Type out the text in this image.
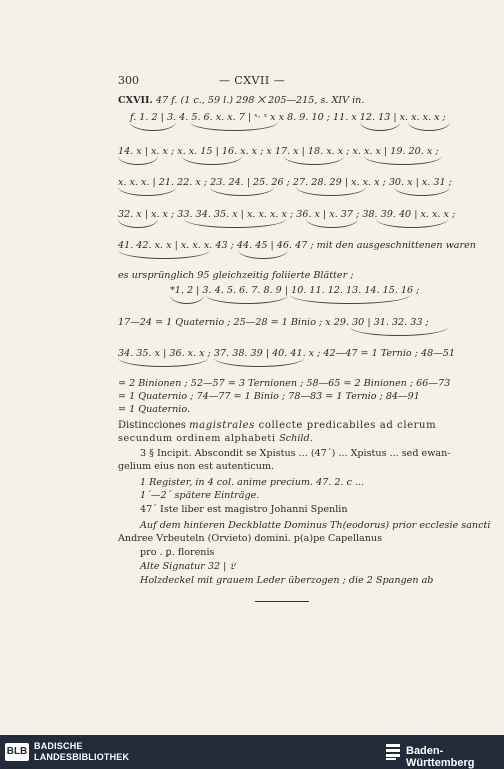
300	— CXVII —
CXVII. 47 f. (1 c., 59 l.) 298 ⨉ 205—215, s. XIV in.
f. 1. 2 | 3. 4. 5. 6. x. x. 7 | ˣ· ˣ x x 8. 9. 10 ; 11. x 12. 13 | x. x. x. x ;
14. x | x. x ; x. x. 15 | 16. x. x ; x 17. x | 18. x. x ; x. x. x | 19. 20. x ;
x. x. x. | 21. 22. x ; 23. 24. | 25. 26 ; 27. 28. 29 | x. x. x ; 30. x | x. 31 ;
32. x | x. x ; 33. 34. 35. x | x. x. x. x ; 36. x | x. 37 ; 38. 39. 40 | x. x. x ;
41. 42. x. x | x. x. x. 43 ; 44. 45 | 46. 47 ; mit den ausgeschnittenen waren
es ursprünglich 95 gleichzeitig foliierte Blätter ;
*1. 2 | 3. 4. 5. 6. 7. 8. 9 | 10. 11. 12. 13. 14. 15. 16 ;
17—24 = 1 Quaternio ; 25—28 = 1 Binio ; x 29. 30 | 31. 32. 33 ;
34. 35. x | 36. x. x ; 37. 38. 39 | 40. 41. x ; 42—47 = 1 Ternio ; 48—51
= 2 Binionen ; 52—57 = 3 Ternionen ; 58—65 = 2 Binionen ; 66—73
= 1 Quaternio ; 74—77 = 1 Binio ; 78—83 = 1 Ternio ; 84—91
= 1 Quaternio.
Distincciones magistrales collecte predicabiles ad clerum
secundum ordinem alphabeti Schild.
3 § Incipit. Abscondit se Xpistus ... (47´) ... Xpistus ... sed ewan-
gelium eius non est autenticum.
1 Register, in 4 col. anime precium. 47. 2. c ...
1´—2´ spätere Einträge.
47´ Iste liber est magistro Johanni Spenlin
Auf dem hinteren Deckblatte Dominus Th(eodorus) prior ecclesie sancti
Andree Vrbeuteln (Orvieto) domini. p(a)pe Capellanus
pro . ꝑ. florenis
Alte Signatur 32 | 𝔏
Holzdeckel mit grauem Leder überzogen ; die 2 Spangen ab
BLB BADISCHE
LANDESBIBLIOTHEK	Baden-Württemberg
